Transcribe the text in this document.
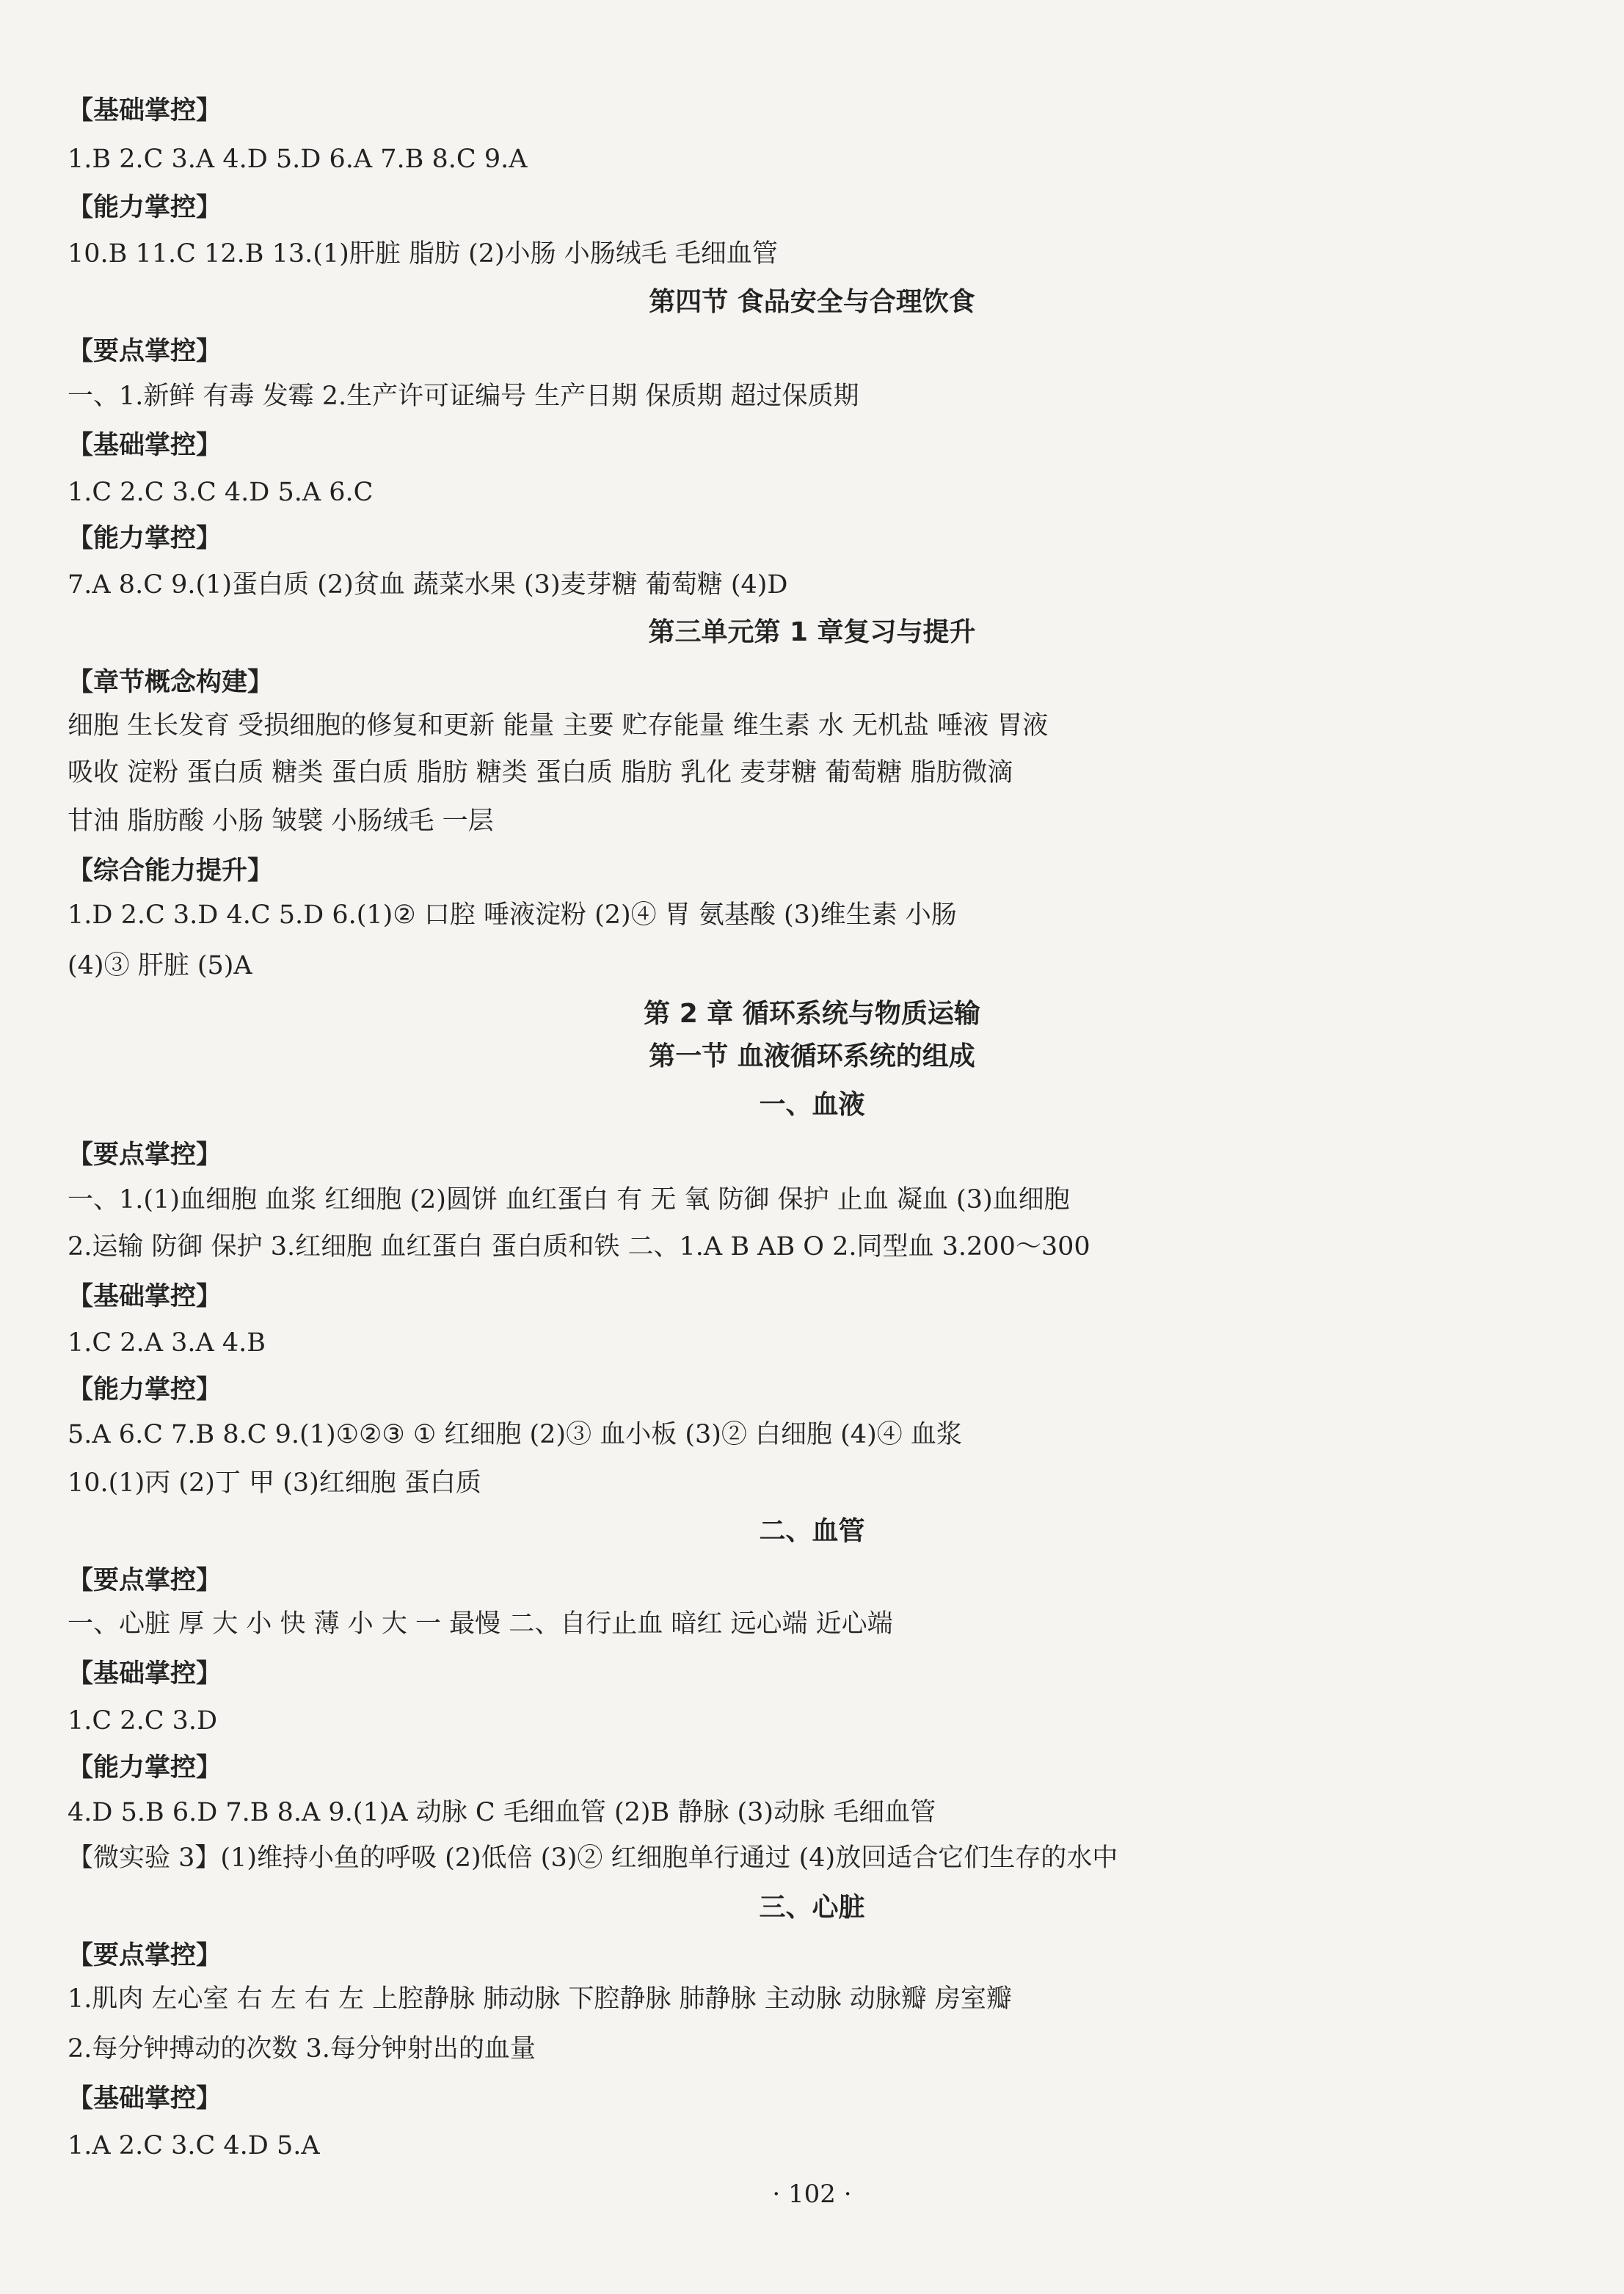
【基础掌控】
1.B 2.C 3.A 4.D 5.D 6.A 7.B 8.C 9.A
【能力掌控】
10.B 11.C 12.B 13.(1)肝脏 脂肪 (2)小肠 小肠绒毛 毛细血管
第四节 食品安全与合理饮食
【要点掌控】
一、1.新鲜 有毒 发霉 2.生产许可证编号 生产日期 保质期 超过保质期
【基础掌控】
1.C 2.C 3.C 4.D 5.A 6.C
【能力掌控】
7.A 8.C 9.(1)蛋白质 (2)贫血 蔬菜水果 (3)麦芽糖 葡萄糖 (4)D
第三单元第 1 章复习与提升
【章节概念构建】
细胞 生长发育 受损细胞的修复和更新 能量 主要 贮存能量 维生素 水 无机盐 唾液 胃液
吸收 淀粉 蛋白质 糖类 蛋白质 脂肪 糖类 蛋白质 脂肪 乳化 麦芽糖 葡萄糖 脂肪微滴
甘油 脂肪酸 小肠 皱襞 小肠绒毛 一层
【综合能力提升】
1.D 2.C 3.D 4.C 5.D 6.(1)② 口腔 唾液淀粉 (2)④ 胃 氨基酸 (3)维生素 小肠
(4)③ 肝脏 (5)A
第 2 章 循环系统与物质运输
第一节 血液循环系统的组成
一、血液
【要点掌控】
一、1.(1)血细胞 血浆 红细胞 (2)圆饼 血红蛋白 有 无 氧 防御 保护 止血 凝血 (3)血细胞
2.运输 防御 保护 3.红细胞 血红蛋白 蛋白质和铁 二、1.A B AB O 2.同型血 3.200～300
【基础掌控】
1.C 2.A 3.A 4.B
【能力掌控】
5.A 6.C 7.B 8.C 9.(1)①②③ ① 红细胞 (2)③ 血小板 (3)② 白细胞 (4)④ 血浆
10.(1)丙 (2)丁 甲 (3)红细胞 蛋白质
二、血管
【要点掌控】
一、心脏 厚 大 小 快 薄 小 大 一 最慢 二、自行止血 暗红 远心端 近心端
【基础掌控】
1.C 2.C 3.D
【能力掌控】
4.D 5.B 6.D 7.B 8.A 9.(1)A 动脉 C 毛细血管 (2)B 静脉 (3)动脉 毛细血管
【微实验 3】(1)维持小鱼的呼吸 (2)低倍 (3)② 红细胞单行通过 (4)放回适合它们生存的水中
三、心脏
【要点掌控】
1.肌肉 左心室 右 左 右 左 上腔静脉 肺动脉 下腔静脉 肺静脉 主动脉 动脉瓣 房室瓣
2.每分钟搏动的次数 3.每分钟射出的血量
【基础掌控】
1.A 2.C 3.C 4.D 5.A
· 102 ·
